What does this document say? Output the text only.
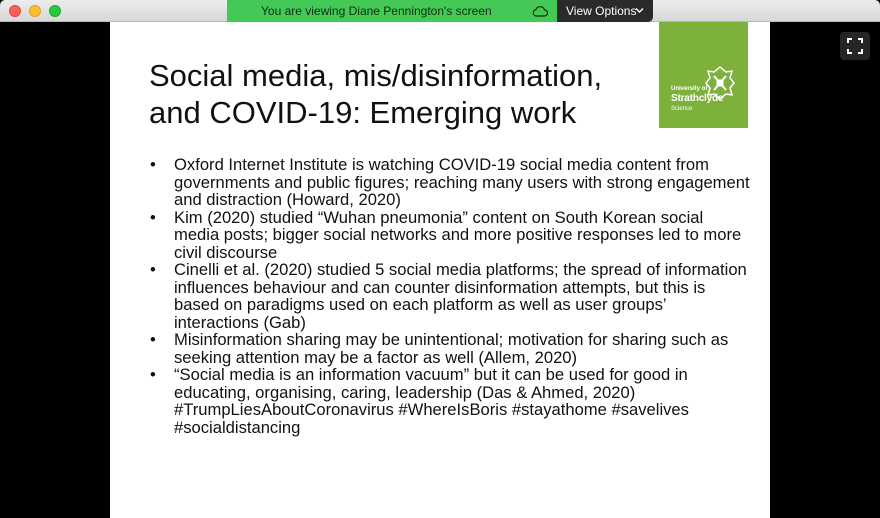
You are viewing Diane Pennington's screen	View Options
Social media, mis/disinformation,
and COVID-19: Emerging work
University of
Strathclyde
Science
• Oxford Internet Institute is watching COVID-19 social media content from governments and public figures; reaching many users with strong engagement and distraction (Howard, 2020)
• Kim (2020) studied “Wuhan pneumonia” content on South Korean social media posts; bigger social networks and more positive responses led to more civil discourse
• Cinelli et al. (2020) studied 5 social media platforms; the spread of information influences behaviour and can counter disinformation attempts, but this is based on paradigms used on each platform as well as user groups’ interactions (Gab)
• Misinformation sharing may be unintentional; motivation for sharing such as seeking attention may be a factor as well (Allem, 2020)
• “Social media is an information vacuum” but it can be used for good in educating, organising, caring, leadership (Das & Ahmed, 2020) #TrumpLiesAboutCoronavirus #WhereIsBoris #stayathome #savelives #socialdistancing
